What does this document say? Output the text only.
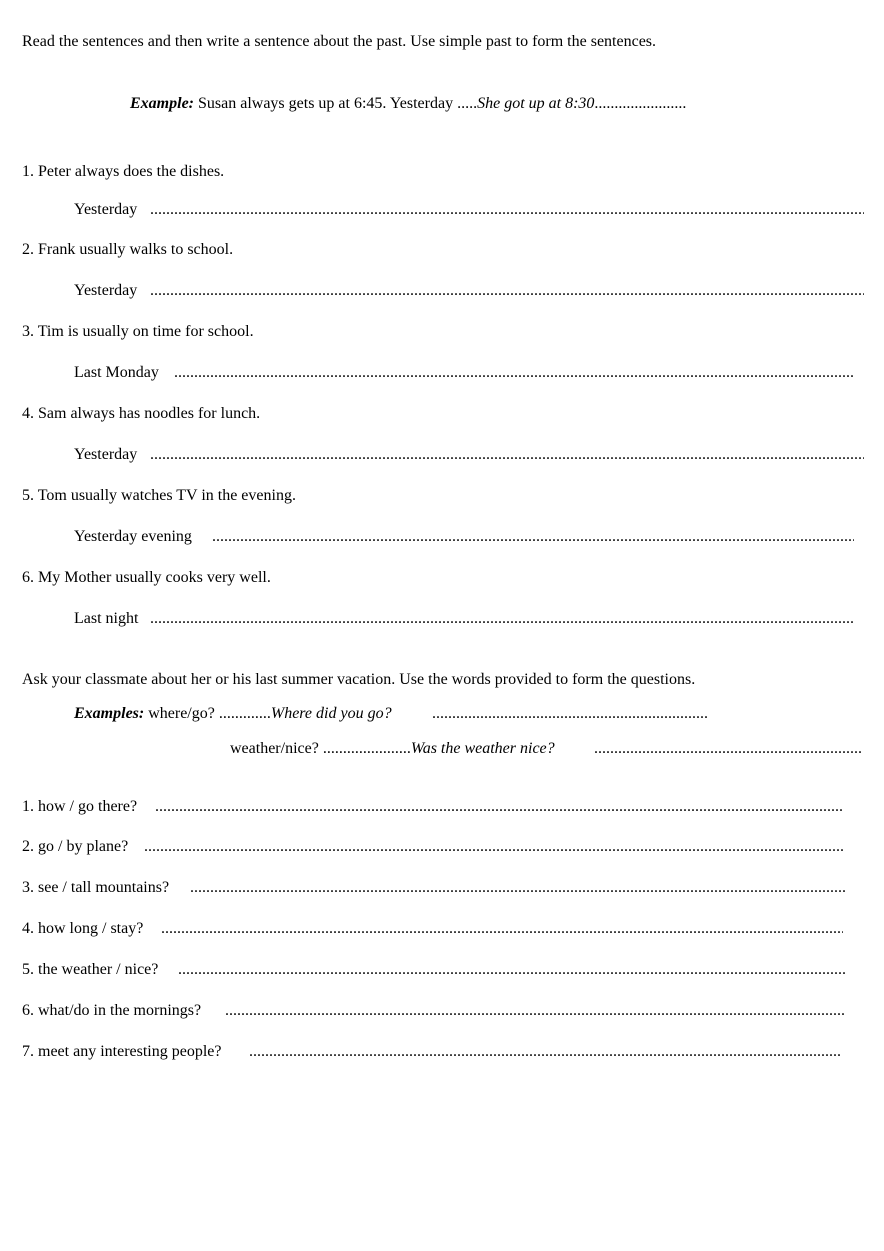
Read the sentences and then write a sentence about the past. Use simple past to form the sentences.
Example: Susan always gets up at 6:45. Yesterday .....She got up at 8:30.......................
1. Peter always does the dishes.
Yesterday
.....
2. Frank usually walks to school.
Yesterday
.....
3. Tim is usually on time for school.
Last Monday
.....
4. Sam always has noodles for lunch.
Yesterday
.....
5. Tom usually watches TV in the evening.
Yesterday evening
.....
6. My Mother usually cooks very well.
Last night
.....
Ask your classmate about her or his last summer vacation. Use the words provided to form the questions.
Examples: where/go? .............Where did you go?
.....
weather/nice? ......................Was the weather nice?
.....
1. how / go there?
.....
2. go / by plane?
.....
3. see / tall mountains?
.....
4. how long / stay?
.....
5. the weather / nice?
.....
6. what/do in the mornings?
.....
7. meet any interesting people?
.....
